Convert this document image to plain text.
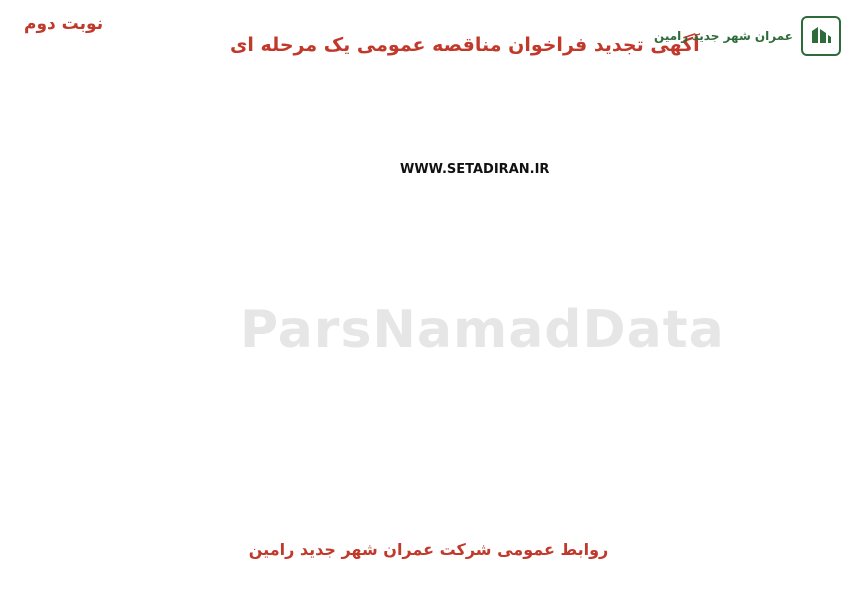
نوبت دوم
آگهی تجدید فراخوان مناقصه عمومی یک مرحله ای
عمران شهر جدید رامین
ParsNamadData
WWW.SETADIRAN.IR
روابط عمومی شرکت عمران شهر جدید رامین
